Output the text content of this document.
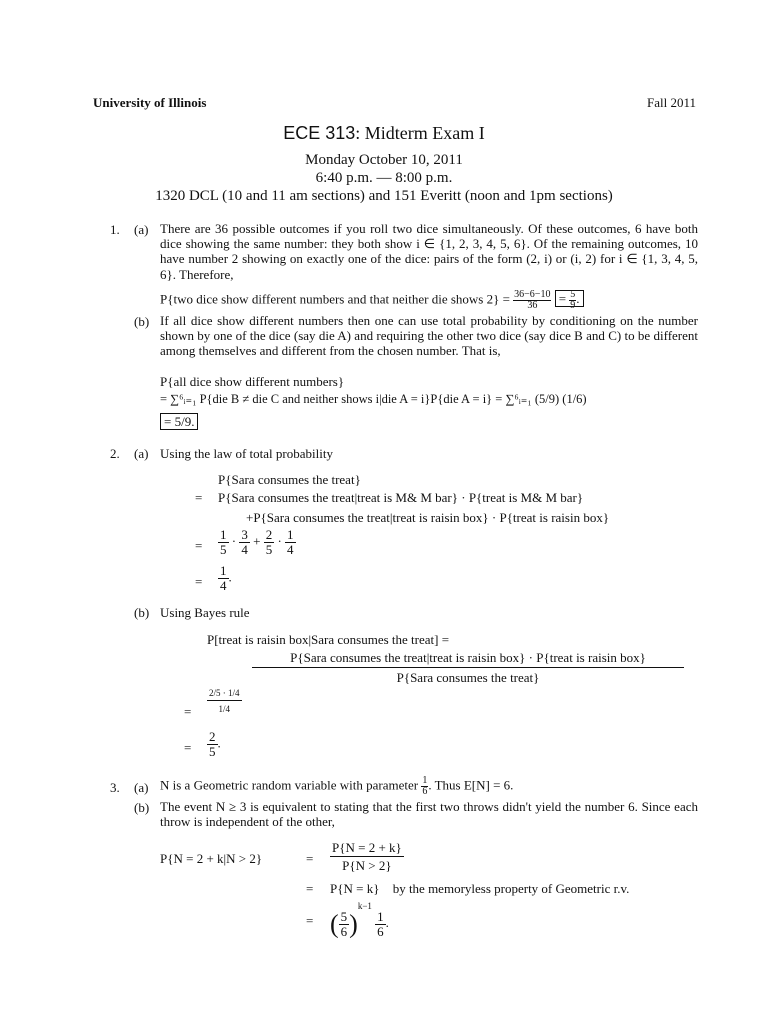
University of Illinois	Fall 2011
ECE 313: Midterm Exam I
Monday October 10, 2011
6:40 p.m. — 8:00 p.m.
1320 DCL (10 and 11 am sections) and 151 Everitt (noon and 1pm sections)
1. (a) There are 36 possible outcomes if you roll two dice simultaneously. Of these outcomes, 6 have both dice showing the same number: they both show i ∈ {1, 2, 3, 4, 5, 6}. Of the remaining outcomes, 10 have number 2 showing on exactly one of the dice: pairs of the form (2, i) or (i, 2) for i ∈ {1, 3, 4, 5, 6}. Therefore,
P{two dice show different numbers and that neither die shows $2\} = \frac{36-6-10}{36} = \frac{5}{9}$ .
(b) If all dice show different numbers then one can use total probability by conditioning on the number shown by one of the dice (say die A) and requiring the other two dice (say dice B and C) to be different among themselves and different from the chosen number. That is,
P{all dice show different numbers}
= ∑⁶ᵢ₌₁ P{die B ≠ die C and neither shows i|die A = i}P{die A = i} = ∑⁶ᵢ₌₁ (5/9) (1/6)
= 5/9.
2. (a) Using the law of total probability
P{Sara consumes the treat}
= P{Sara consumes the treat|treat is M& M bar} · P{treat is M& M bar}
+P{Sara consumes the treat|treat is raisin box} · P{treat is raisin box}
= $\frac{1}{5} \cdot \frac{3}{4} + \frac{2}{5} \cdot \frac{1}{4}$
= $\frac{1}{4}$ .
(b) Using Bayes rule
P[treat is raisin box|Sara consumes the treat] =
P{Sara consumes the treat|treat is raisin box} · P{treat is raisin box}
P{Sara consumes the treat}
= $\frac{2/5 \cdot 1/4}{1/4}$
= $\frac{2}{5}$ .
3. (a) N is a Geometric random variable with parameter $\frac{1}{6}$ . Thus E[N] = 6.
(b) The event N ≥ 3 is equivalent to stating that the first two throws didn't yield the number 6. Since each throw is independent of the other,
P{N = 2 + k|N > 2}	= $\frac{P\{N = 2 + k\}}{P\{N > 2\}}$
= P{N = k} by the memoryless property of Geometric r.v.
= ( $\frac{5}{6} )^{k-1}$
$\frac{1}{6}$ .
